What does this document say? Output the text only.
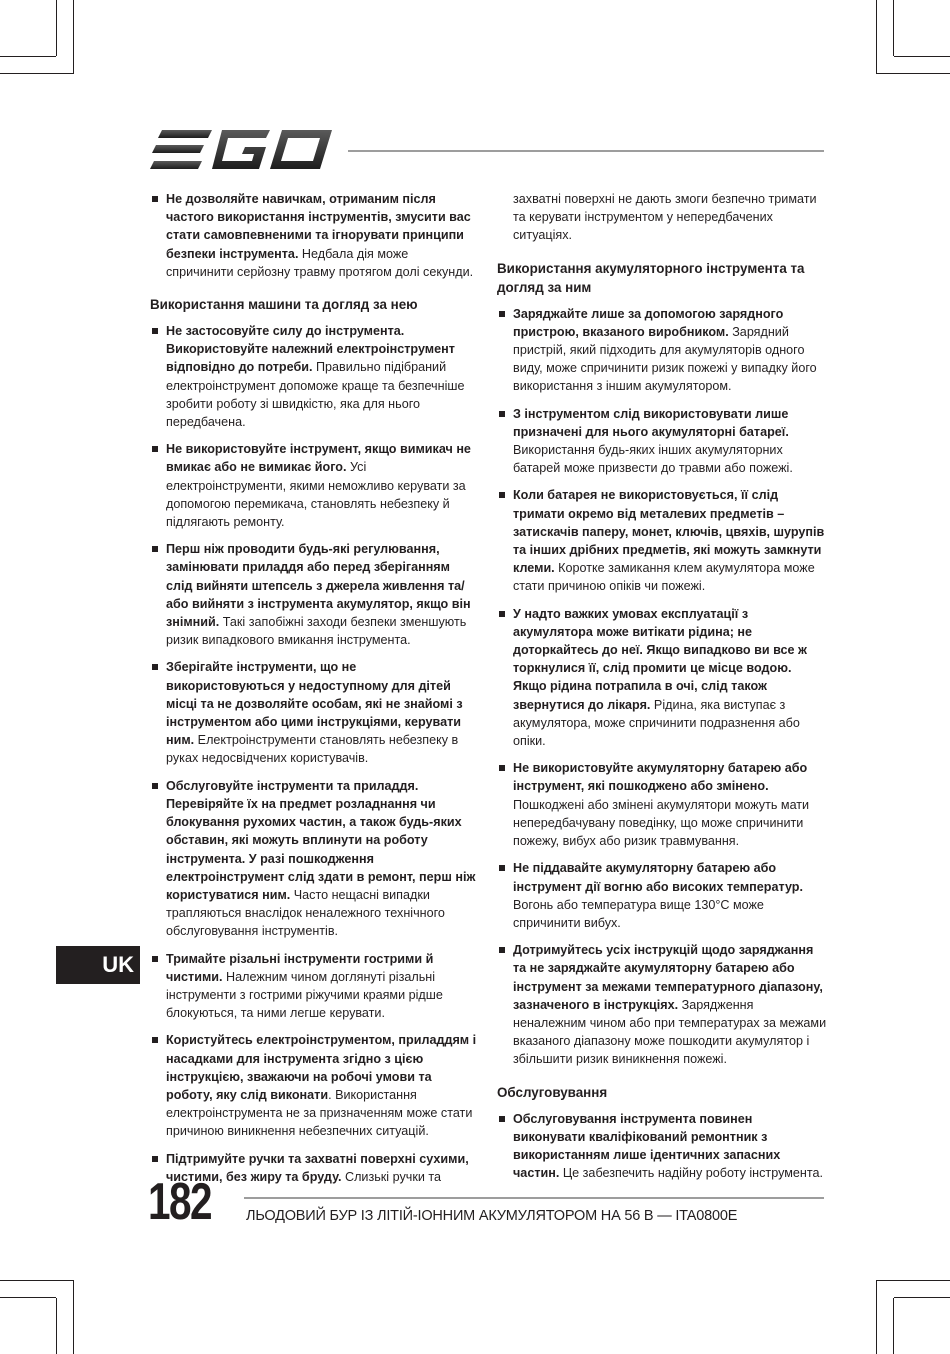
Не дозволяйте навичкам, отриманим після частого використання інструментів, змусити вас стати самовпевненими та ігнорувати принципи безпеки інструмента. Недбала дія може спричинити серйозну травму протягом долі секунди.
Використання машини та догляд за нею
Не застосовуйте силу до інструмента. Використовуйте належний електроінструмент відповідно до потреби. Правильно підібраний електроінструмент допоможе краще та безпечніше зробити роботу зі швидкістю, яка для нього передбачена.
Не використовуйте інструмент, якщо вимикач не вмикає або не вимикає його. Усі електроінструменти, якими неможливо керувати за допомогою перемикача, становлять небезпеку й підлягають ремонту.
Перш ніж проводити будь-які регулювання, замінювати приладдя або перед зберіганням слід вийняти штепсель з джерела живлення та/або вийняти з інструмента акумулятор, якщо він знімний. Такі запобіжні заходи безпеки зменшують ризик випадкового вмикання інструмента.
Зберігайте інструменти, що не використовуються у недоступному для дітей місці та не дозволяйте особам, які не знайомі з інструментом або цими інструкціями, керувати ним. Електроінструменти становлять небезпеку в руках недосвідчених користувачів.
Обслуговуйте інструменти та приладдя. Перевіряйте їх на предмет розладнання чи блокування рухомих частин, а також будь-яких обставин, які можуть вплинути на роботу інструмента. У разі пошкодження електроінструмент слід здати в ремонт, перш ніж користуватися ним. Часто нещасні випадки трапляються внаслідок неналежного технічного обслуговування інструментів.
Тримайте різальні інструменти гострими й чистими. Належним чином доглянуті різальні інструменти з гострими ріжучими краями рідше блокуються, та ними легше керувати.
Користуйтесь електроінструментом, приладдям і насадками для інструмента згідно з цією інструкцією, зважаючи на робочі умови та роботу, яку слід виконати. Використання електроінструмента не за призначенням може стати причиною виникнення небезпечних ситуацій.
Підтримуйте ручки та захватні поверхні сухими, чистими, без жиру та бруду. Слизькі ручки та
захватні поверхні не дають змоги безпечно тримати та керувати інструментом у непередбачених ситуаціях.
Використання акумуляторного інструмента та догляд за ним
Заряджайте лише за допомогою зарядного пристрою, вказаного виробником. Зарядний пристрій, який підходить для акумуляторів одного виду, може спричинити ризик пожежі у випадку його використання з іншим акумулятором.
З інструментом слід використовувати лише призначені для нього акумуляторні батареї. Використання будь-яких інших акумуляторних батарей може призвести до травми або пожежі.
Коли батарея не використовується, її слід тримати окремо від металевих предметів – затискачів паперу, монет, ключів, цвяхів, шурупів та інших дрібних предметів, які можуть замкнути клеми. Коротке замикання клем акумулятора може стати причиною опіків чи пожежі.
У надто важких умовах експлуатації з акумулятора може витікати рідина; не доторкайтесь до неї. Якщо випадково ви все ж торкнулися її, слід промити це місце водою. Якщо рідина потрапила в очі, слід також звернутися до лікаря. Рідина, яка виступає з акумулятора, може спричинити подразнення або опіки.
Не використовуйте акумуляторну батарею або інструмент, які пошкоджено або змінено. Пошкоджені або змінені акумулятори можуть мати непередбачувану поведінку, що може спричинити пожежу, вибух або ризик травмування.
Не піддавайте акумуляторну батарею або інструмент дії вогню або високих температур. Вогонь або температура вище 130°C може спричинити вибух.
Дотримуйтесь усіх інструкцій щодо заряджання та не заряджайте акумуляторну батарею або інструмент за межами температурного діапазону, зазначеного в інструкціях. Зарядження неналежним чином або при температурах за межами вказаного діапазону може пошкодити акумулятор і збільшити ризик виникнення пожежі.
Обслуговування
Обслуговування інструмента повинен виконувати кваліфікований ремонтник з використанням лише ідентичних запасних частин. Це забезпечить надійну роботу інструмента.
UK
182 ЛЬОДОВИЙ БУР ІЗ ЛІТІЙ-ІОННИМ АКУМУЛЯТОРОМ НА 56 В — ITA0800E
